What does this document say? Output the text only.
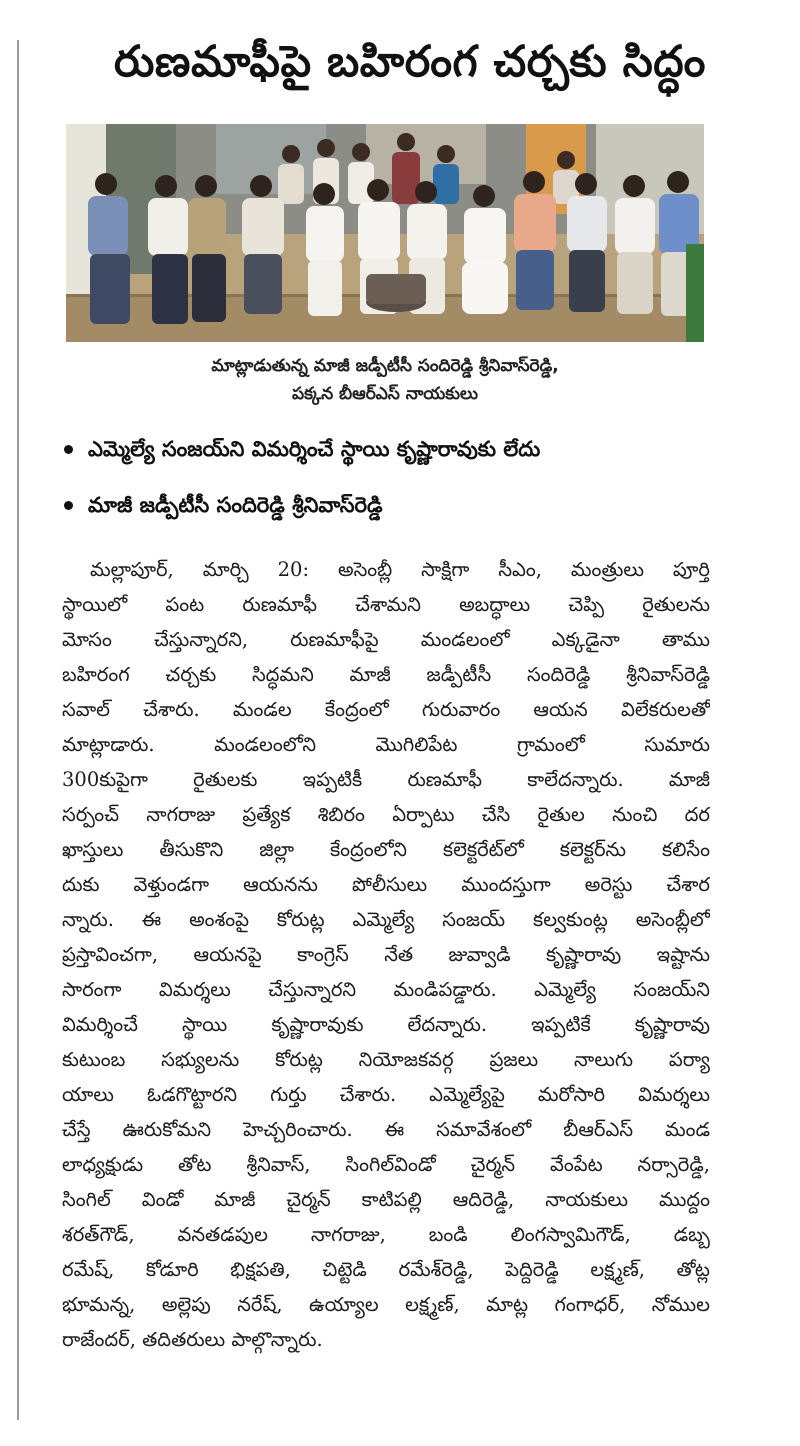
రుణమాఫీపై బహిరంగ చర్చకు సిద్ధం
మాట్లాడుతున్న మాజీ జడ్పీటీసీ సందిరెడ్డి శ్రీనివాస్‌రెడ్డి,
పక్కన బీఆర్‌ఎస్ నాయకులు
ఎమ్మెల్యే సంజయ్‌ని విమర్శించే స్థాయి కృష్ణారావుకు లేదు
మాజీ జడ్పీటీసీ సందిరెడ్డి శ్రీనివాస్‌రెడ్డి
మల్లాపూర్, మార్చి 20: అసెంబ్లీ సాక్షిగా సీఎం, మంత్రులు పూర్తి
స్థాయిలో పంట రుణమాఫీ చేశామని అబద్ధాలు చెప్పి రైతులను
మోసం చేస్తున్నారని, రుణమాఫీపై మండలంలో ఎక్కడైనా తాము
బహిరంగ చర్చకు సిద్ధమని మాజీ జడ్పీటీసీ సందిరెడ్డి శ్రీనివాస్‌రెడ్డి
సవాల్ చేశారు. మండల కేంద్రంలో గురువారం ఆయన విలేకరులతో
మాట్లాడారు. మండలంలోని మొగిలిపేట గ్రామంలో సుమారు
300కుపైగా రైతులకు ఇప్పటికీ రుణమాఫీ కాలేదన్నారు. మాజీ
సర్పంచ్ నాగరాజు ప్రత్యేక శిబిరం ఏర్పాటు చేసి రైతుల నుంచి దర
ఖాస్తులు తీసుకొని జిల్లా కేంద్రంలోని కలెక్టరేట్‌లో కలెక్టర్‌ను కలిసేం
దుకు వెళ్తుండగా ఆయనను పోలీసులు ముందస్తుగా అరెస్టు చేశార
న్నారు. ఈ అంశంపై కోరుట్ల ఎమ్మెల్యే సంజయ్ కల్వకుంట్ల అసెంబ్లీలో
ప్రస్తావించగా, ఆయనపై కాంగ్రెస్ నేత జువ్వాడి కృష్ణారావు ఇష్టాను
సారంగా విమర్శలు చేస్తున్నారని మండిపడ్డారు. ఎమ్మెల్యే సంజయ్‌ని
విమర్శించే స్థాయి కృష్ణారావుకు లేదన్నారు. ఇప్పటికే కృష్ణారావు
కుటుంబ సభ్యులను కోరుట్ల నియోజకవర్గ ప్రజలు నాలుగు పర్యా
యాలు ఓడగొట్టారని గుర్తు చేశారు. ఎమ్మెల్యేపై మరోసారి విమర్శలు
చేస్తే ఊరుకోమని హెచ్చరించారు. ఈ సమావేశంలో బీఆర్‌ఎస్ మండ
లాధ్యక్షుడు తోట శ్రీనివాస్, సింగిల్‌విండో చైర్మన్ వేంపేట నర్సారెడ్డి,
సింగిల్ విండో మాజీ చైర్మన్ కాటిపల్లి ఆదిరెడ్డి, నాయకులు ముద్దం
శరత్‌గౌడ్, వనతడపుల నాగరాజు, బండి లింగస్వామిగౌడ్, డబ్బ
రమేష్, కోడూరి భిక్షపతి, చిట్టెడి రమేశ్‌రెడ్డి, పెద్దిరెడ్డి లక్ష్మణ్, తోట్ల
భూమన్న, అల్లెపు నరేష్, ఉయ్యాల లక్ష్మణ్, మాట్ల గంగాధర్, నోముల
రాజేందర్, తదితరులు పాల్గొన్నారు.
